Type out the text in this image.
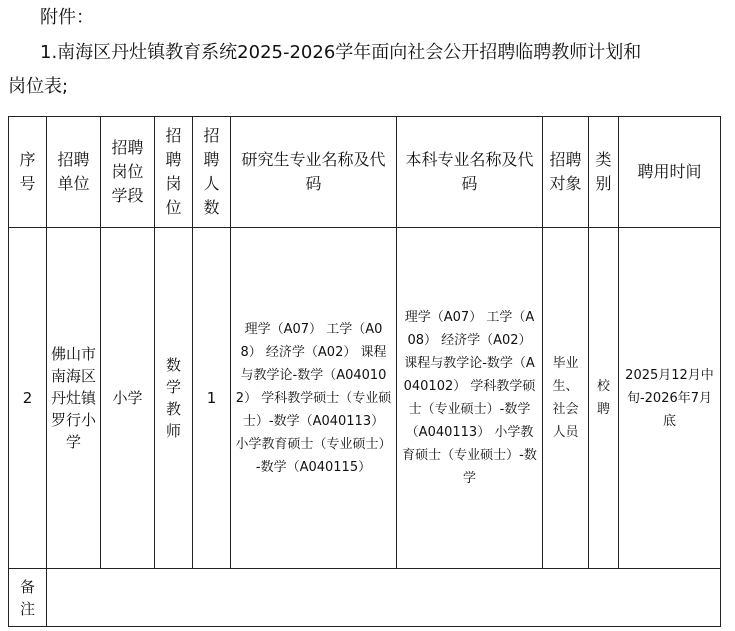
附件：
1.南海区丹灶镇教育系统2025-2026学年面向社会公开招聘临聘教师计划和
岗位表;
序号	招聘单位	招聘岗位学段	招聘岗位	招聘人数	研究生专业名称及代码	本科专业名称及代码	招聘对象	类别	聘用时间
2	佛山市南海区丹灶镇罗行小学	小学	数学教师	1	理学（A07） 工学（A08） 经济学（A02） 课程与教学论-数学（A040102） 学科教学硕士（专业硕士）-数学（A040113） 小学教育硕士（专业硕士）-数学（A040115）	理学（A07） 工学（A08） 经济学（A02） 课程与教学论-数学（A040102） 学科教学硕士（专业硕士）-数学（A040113） 小学教育硕士（专业硕士）-数学	毕业生、社会人员	校聘	2025月12月中旬-2026年7月底
备注									
